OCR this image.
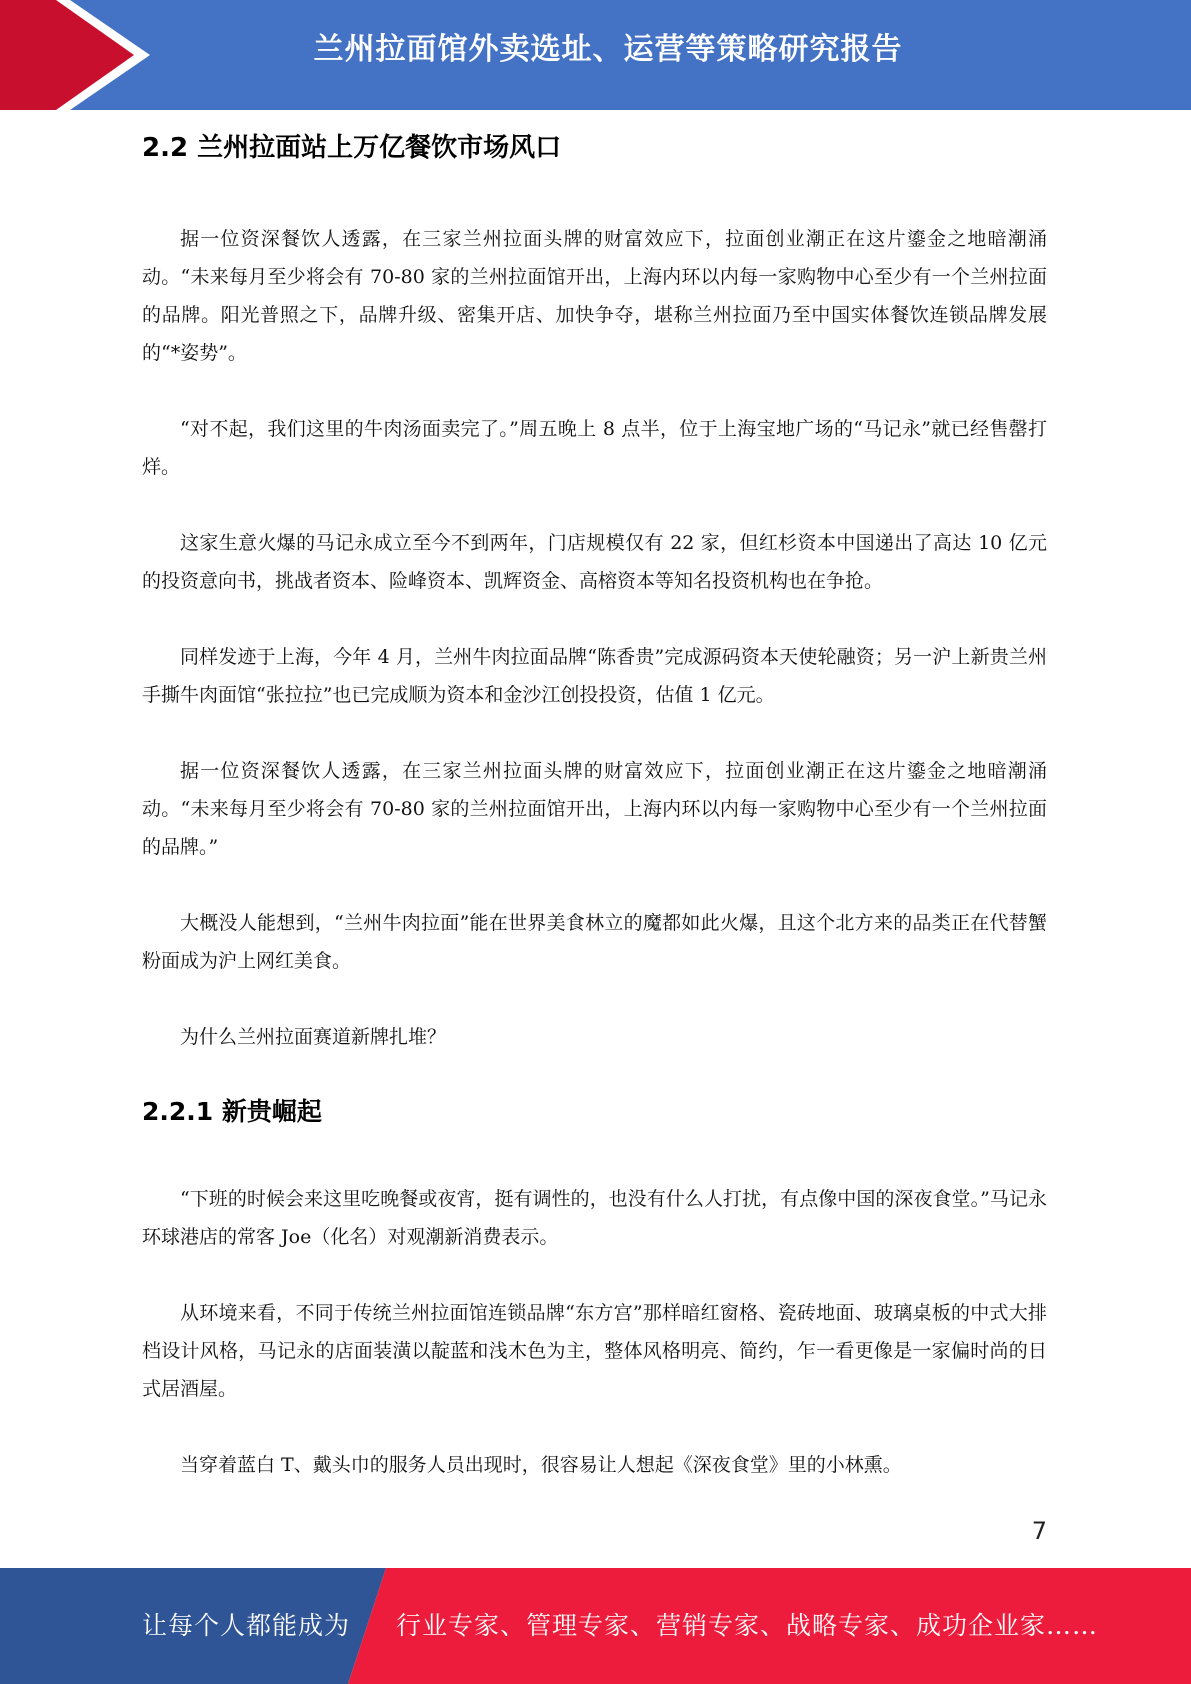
兰州拉面馆外卖选址、运营等策略研究报告
2.2 兰州拉面站上万亿餐饮市场风口

据一位资深餐饮人透露，在三家兰州拉面头牌的财富效应下，拉面创业潮正在这片鎏金之地暗潮涌动。“未来每月至少将会有 70-80 家的兰州拉面馆开出，上海内环以内每一家购物中心至少有一个兰州拉面的品牌。阳光普照之下，品牌升级、密集开店、加快争夺，堪称兰州拉面乃至中国实体餐饮连锁品牌发展的“*姿势”。

“对不起，我们这里的牛肉汤面卖完了。”周五晚上 8 点半，位于上海宝地广场的“马记永”就已经售罄打烊。

这家生意火爆的马记永成立至今不到两年，门店规模仅有 22 家，但红杉资本中国递出了高达 10 亿元的投资意向书，挑战者资本、险峰资本、凯辉资金、高榕资本等知名投资机构也在争抢。

同样发迹于上海，今年 4 月，兰州牛肉拉面品牌“陈香贵”完成源码资本天使轮融资；另一沪上新贵兰州手撕牛肉面馆“张拉拉”也已完成顺为资本和金沙江创投投资，估值 1 亿元。

据一位资深餐饮人透露，在三家兰州拉面头牌的财富效应下，拉面创业潮正在这片鎏金之地暗潮涌动。“未来每月至少将会有 70-80 家的兰州拉面馆开出，上海内环以内每一家购物中心至少有一个兰州拉面的品牌。”

大概没人能想到，“兰州牛肉拉面”能在世界美食林立的魔都如此火爆，且这个北方来的品类正在代替蟹粉面成为沪上网红美食。

为什么兰州拉面赛道新牌扎堆？

2.2.1 新贵崛起

“下班的时候会来这里吃晚餐或夜宵，挺有调性的，也没有什么人打扰，有点像中国的深夜食堂。”马记永环球港店的常客 Joe（化名）对观潮新消费表示。

从环境来看，不同于传统兰州拉面馆连锁品牌“东方宫”那样暗红窗格、瓷砖地面、玻璃桌板的中式大排档设计风格，马记永的店面装潢以靛蓝和浅木色为主，整体风格明亮、简约，乍一看更像是一家偏时尚的日式居酒屋。

当穿着蓝白 T、戴头巾的服务人员出现时，很容易让人想起《深夜食堂》里的小林熏。

7
让每个人都能成为 行业专家、管理专家、营销专家、战略专家、成功企业家……
